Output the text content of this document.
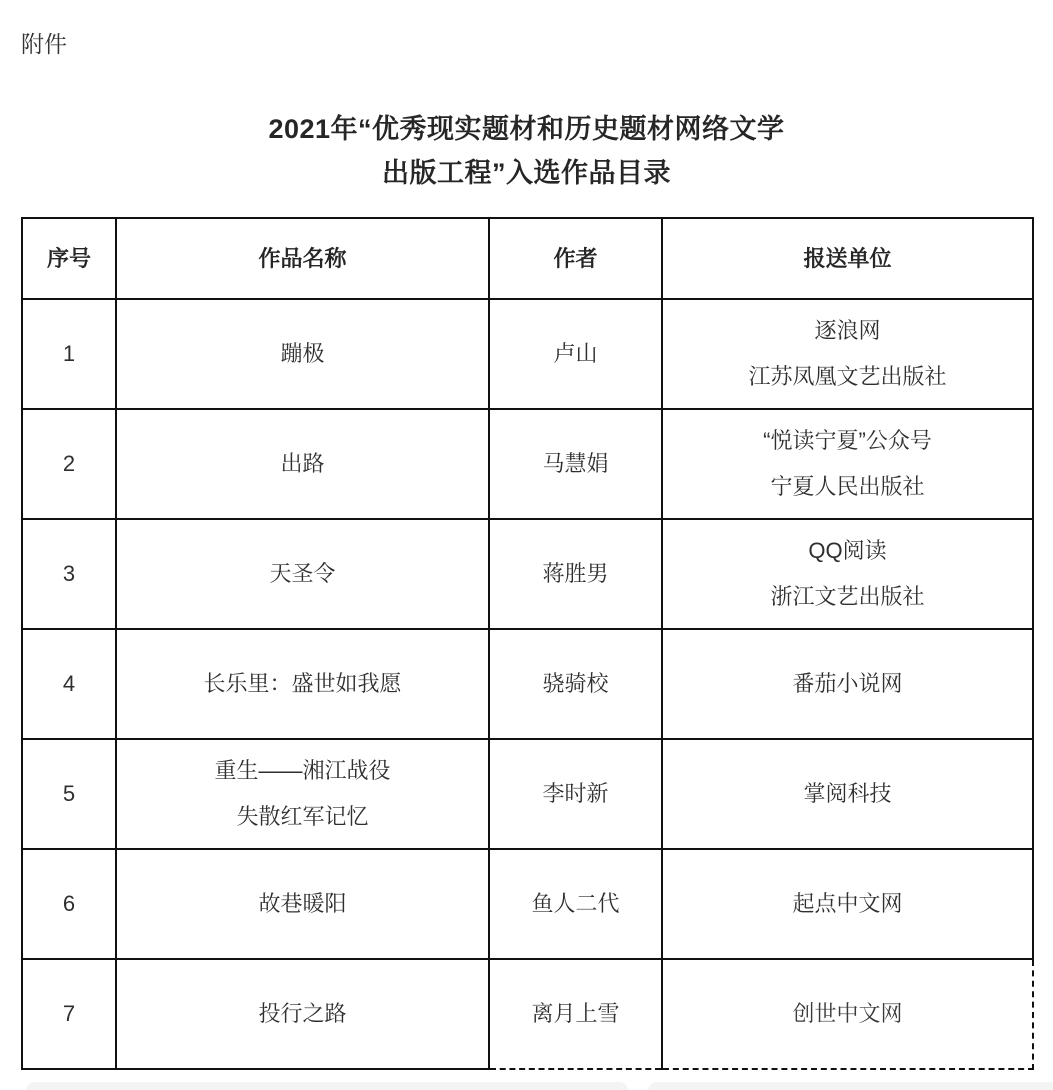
附件
2021年“优秀现实题材和历史题材网络文学
出版工程”入选作品目录
序号	作品名称	作者	报送单位
1	蹦极	卢山	逐浪网
江苏凤凰文艺出版社

2	出路	马慧娟	“悦读宁夏”公众号
宁夏人民出版社

3	天圣令	蒋胜男	QQ阅读
浙江文艺出版社

4	长乐里：盛世如我愿	骁骑校	番茄小说网

5	重生——湘江战役
失散红军记忆	李时新	掌阅科技

6	故巷暖阳	鱼人二代	起点中文网

7	投行之路	离月上雪	创世中文网
